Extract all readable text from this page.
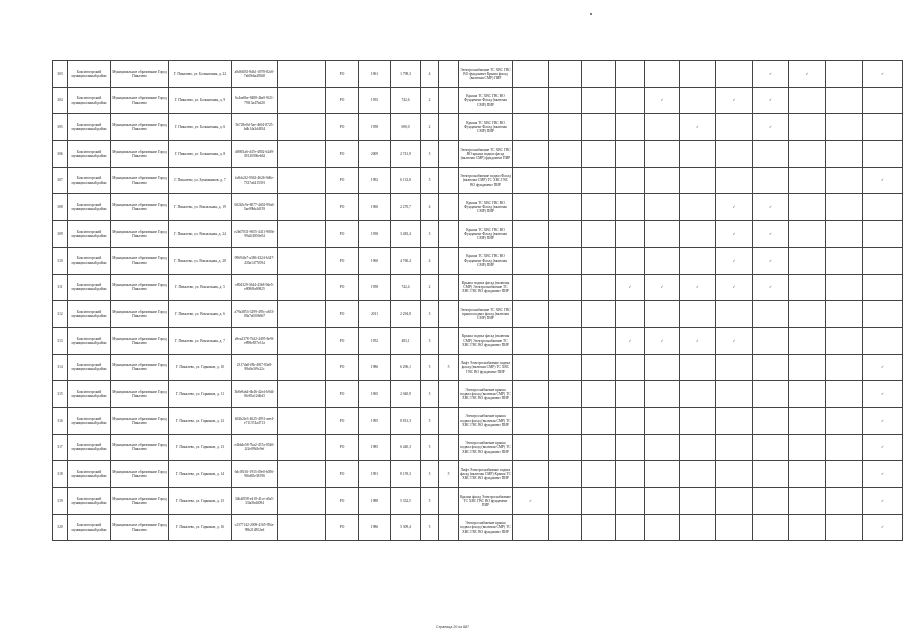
303	Бокситогорский муниципальный район	Муниципальное образование Город Пикалево	Г. Пикалево, ул. Больничная, д. 22	a8d6f035-8db1-4978-82c0-7a60b6a40360		РО	1961	1 798,3	4		Электроснабжение ТС ХВС ГВС ВО фундамент Крыша фасад (включая СМР) ПИР								✓	✓		✓		
304	Бокситогорский муниципальный район	Муниципальное образование Город Пикалево	Г. Пикалево, ул. Больничная, д. 9	6c4ae0be-9488-4be0-9f21-79f13a47bd20		РО	1955	742,6	2		Крыша ТС ХВС ГВС ВО Фундамент Фасад (включая СМР) ПИР					✓		✓	✓					
305	Бокситогорский муниципальный район	Муниципальное образование Город Пикалево	Г. Пикалево, ул. Больничная, д. 6	5b728e0d-5ae-4b94-8725-bdb14a3d4834		РО	1958	690,0	2		Крыша ТС ХВС ГВС ВО Фундамент Фасад (включая СМР) ПИР						✓		✓					
306	Бокситогорский муниципальный район	Муниципальное образование Город Пикалево	Г. Пикалево, ул. Больничная, д. 8	df88f1a6-d47e-4802-b2d9-39120396eb62		РО	2009	2 741,9	5		Электроснабжение ТС ХВС ГВС ВО крыша подвал фасад (включая СМР) фундамент ПИР													
307	Бокситогорский муниципальный район	Муниципальное образование Город Пикалево	Г. Пикалево, ул. Бумажников, д. 7	fa8cb2f2-9363-4626-9d0e-7337a6415391		РО	1992	6 133,8	5		Электроснабжение подвал Фасад (включая СМР) ТС ХВС ГВС ВО фундамент ПИР											✓		
308	Бокситогорский муниципальный район	Муниципальное образование Город Пикалево	Г. Пикалево, ул. Вокзальная, д. 19	602b5c9e-8077-4402-99a6-5ae09bb4d159		РО	1960	2 270,7	4		Крыша ТС ХВС ГВС ВО Фундамент Фасад (включая СМР) ПИР							✓	✓					
309	Бокситогорский муниципальный район	Муниципальное образование Город Пикалево	Г. Пикалево, ул. Вокзальная, д. 24	e2b67031-9655-4411-980b-99a5f4850e04		РО	1958	3 483,4	3		Крыша ТС ХВС ГВС ВО Фундамент Фасад (включая СМР) ПИР							✓	✓					
310	Бокситогорский муниципальный район	Муниципальное образование Город Пикалево	Г. Пикалево, ул. Вокзальная, д. 28	09694fe7-a386-4324-b347-430a1477f094		РО	1960	4 760,4	4		Крыша ТС ХВС ГВС ВО Фундамент Фасад (включая СМР) ПИР							✓	✓					
311	Бокситогорский муниципальный район	Муниципальное образование Город Пикалево	Г. Пикалево, ул. Вокзальная, д. 5	e804329-3644-43b8-9de5-e809f8a69825		РО	1958	742,4	2		Крыша подвал фасад (включая СМР) Электроснабжение ТС ХВС ГВС ВО фундамент ПИР				✓	✓	✓	✓	✓					
312	Бокситогорский муниципальный район	Муниципальное образование Город Пикалево	Г. Пикалево, ул. Вокзальная, д. 6	a79a3853-3299-495c-a653-09a7a0506667		РО	2011	2 294,8	3		Электроснабжение ТС ХВС ГВС крыша подвал фасад (включая СМР) ПИР													
313	Бокситогорский муниципальный район	Муниципальное образование Город Пикалево	Г. Пикалево, ул. Вокзальная, д. 7	a9ea2378-7b32-4495-8e9f-e898e857e31a		РО	1952	483,1	3		Крыша подвал фасад (включая СМР) Электроснабжение ТС ХВС ГВС ВО фундамент ПИР				✓	✓	✓	✓						
314	Бокситогорский муниципальный район	Муниципальное образование Город Пикалево	Г. Пикалево, ул. Горняков, д. 10	2317da0-f8b-48f7-83e8-98a9a3f9c22c		РО	1986	6 296,1	5	5	Лифт Электроснабжение подвал фасад (включая СМР) ТС ХВС ГВС ВО фундамент ПИР											✓		
315	Бокситогорский муниципальный район	Муниципальное образование Город Пикалево	Г. Пикалево, ул. Горняков, д. 11	3b8e9ab4-6b46-42e4-b9d4-8fe85a12d6d3		РО	1965	2 040,9	5		Электроснабжение крыша подвал фасад (включая СМР) ТС ХВС ГВС ВО фундамент ПИР											✓		
316	Бокситогорский муниципальный район	Муниципальное образование Город Пикалево	Г. Пикалево, ул. Горняков, д. 12	b92b2fe3-4625-4951-aee4-e711374a4713		РО	1995	8 813,3	5		Электроснабжение крыша подвал фасад (включая СМР) ТС ХВС ГВС ВО фундамент ПИР											✓		
317	Бокситогорский муниципальный район	Муниципальное образование Город Пикалево	Г. Пикалево, ул. Горняков, д. 13	e4bb4e58-7ba2-457a-8546-2f2e09b5e9ef		РО	1985	6 440,3	5		Электроснабжение крыша подвал фасад (включая СМР) ТС ХВС ГВС ВО фундамент ПИР											✓		
318	Бокситогорский муниципальный район	Муниципальное образование Город Пикалево	Г. Пикалево, ул. Горняков, д. 14	6dc05f16-1933-49e0-b056-9f6d65e38196		РО	1991	8 159,3	5	5	Лифт Электроснабжение подвал фасад (включая СМР) Крыша ТС ХВС ГВС ВО фундамент ПИР											✓		
319	Бокситогорский муниципальный район	Муниципальное образование Город Пикалево	Г. Пикалево, ул. Горняков, д. 15	34b4f058-e418-41ce-a9a5-33fa5bd4094		РО	1988	5 332,5	5		Крыша фасад Электроснабжение ТС ХВС ГВС ВО фундамент ПИР	✓										✓		
320	Бокситогорский муниципальный район	Муниципальное образование Город Пикалево	Г. Пикалево, ул. Горняков, д. 16	c2377142-2009-4165-95fa-99b214852ed		РО	1986	5 309,4	5		Электроснабжение крыша подвал фасад (включая СМР) ТС ХВС ГВС ВО фундамент ПИР											✓		
Страница 20 из 887
